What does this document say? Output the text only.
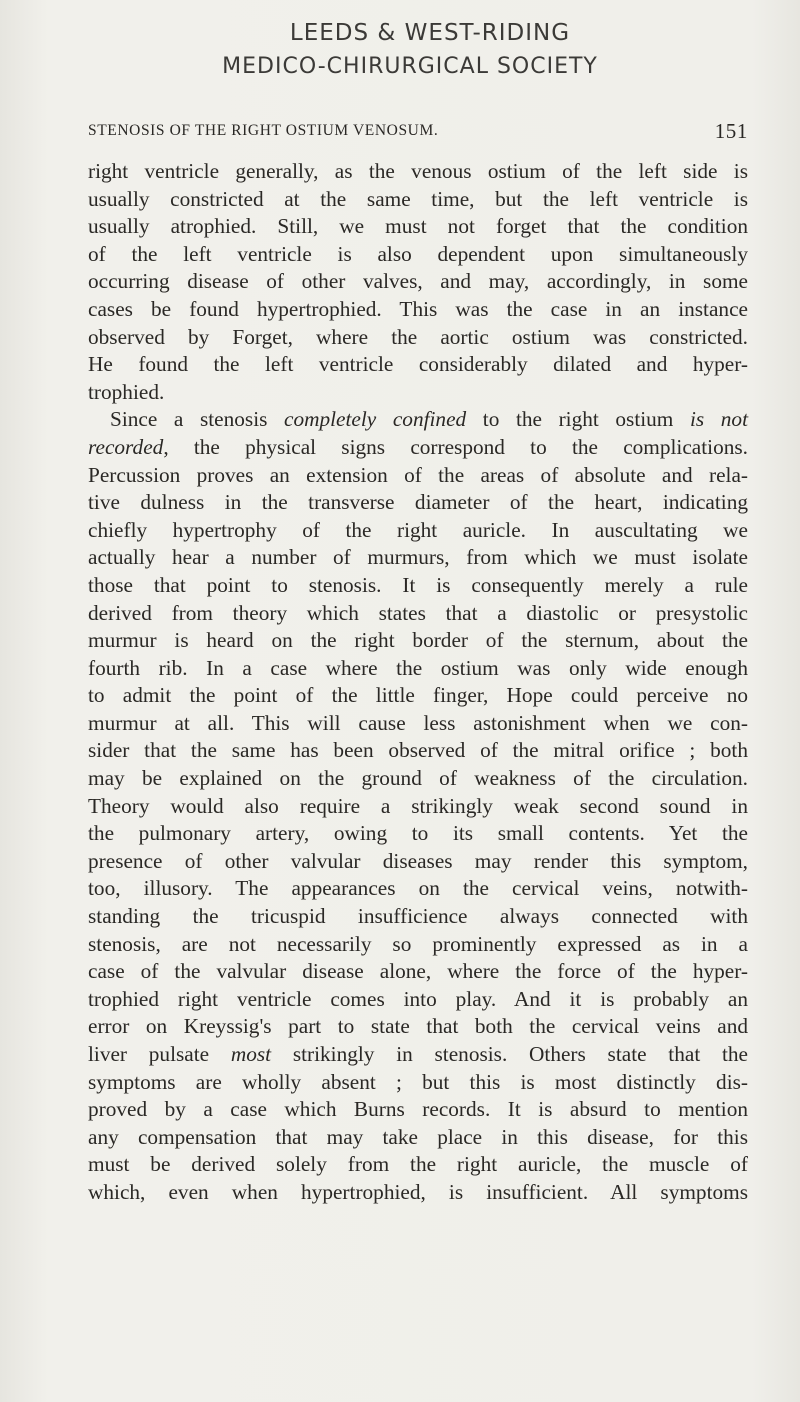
LEEDS & WEST-RIDING
MEDICO-CHIRURGICAL SOCIETY
STENOSIS OF THE RIGHT OSTIUM VENOSUM.	151
right ventricle generally, as the venous ostium of the left side is
usually constricted at the same time, but the left ventricle is
usually atrophied. Still, we must not forget that the condition
of the left ventricle is also dependent upon simultaneously
occurring disease of other valves, and may, accordingly, in some
cases be found hypertrophied. This was the case in an instance
observed by Forget, where the aortic ostium was constricted.
He found the left ventricle considerably dilated and hyper-
trophied.
Since a stenosis completely confined to the right ostium is not
recorded, the physical signs correspond to the complications.
Percussion proves an extension of the areas of absolute and rela-
tive dulness in the transverse diameter of the heart, indicating
chiefly hypertrophy of the right auricle. In auscultating we
actually hear a number of murmurs, from which we must isolate
those that point to stenosis. It is consequently merely a rule
derived from theory which states that a diastolic or presystolic
murmur is heard on the right border of the sternum, about the
fourth rib. In a case where the ostium was only wide enough
to admit the point of the little finger, Hope could perceive no
murmur at all. This will cause less astonishment when we con-
sider that the same has been observed of the mitral orifice ; both
may be explained on the ground of weakness of the circulation.
Theory would also require a strikingly weak second sound in
the pulmonary artery, owing to its small contents. Yet the
presence of other valvular diseases may render this symptom,
too, illusory. The appearances on the cervical veins, notwith-
standing the tricuspid insufficience always connected with
stenosis, are not necessarily so prominently expressed as in a
case of the valvular disease alone, where the force of the hyper-
trophied right ventricle comes into play. And it is probably an
error on Kreyssig's part to state that both the cervical veins and
liver pulsate most strikingly in stenosis. Others state that the
symptoms are wholly absent ; but this is most distinctly dis-
proved by a case which Burns records. It is absurd to mention
any compensation that may take place in this disease, for this
must be derived solely from the right auricle, the muscle of
which, even when hypertrophied, is insufficient. All symptoms
